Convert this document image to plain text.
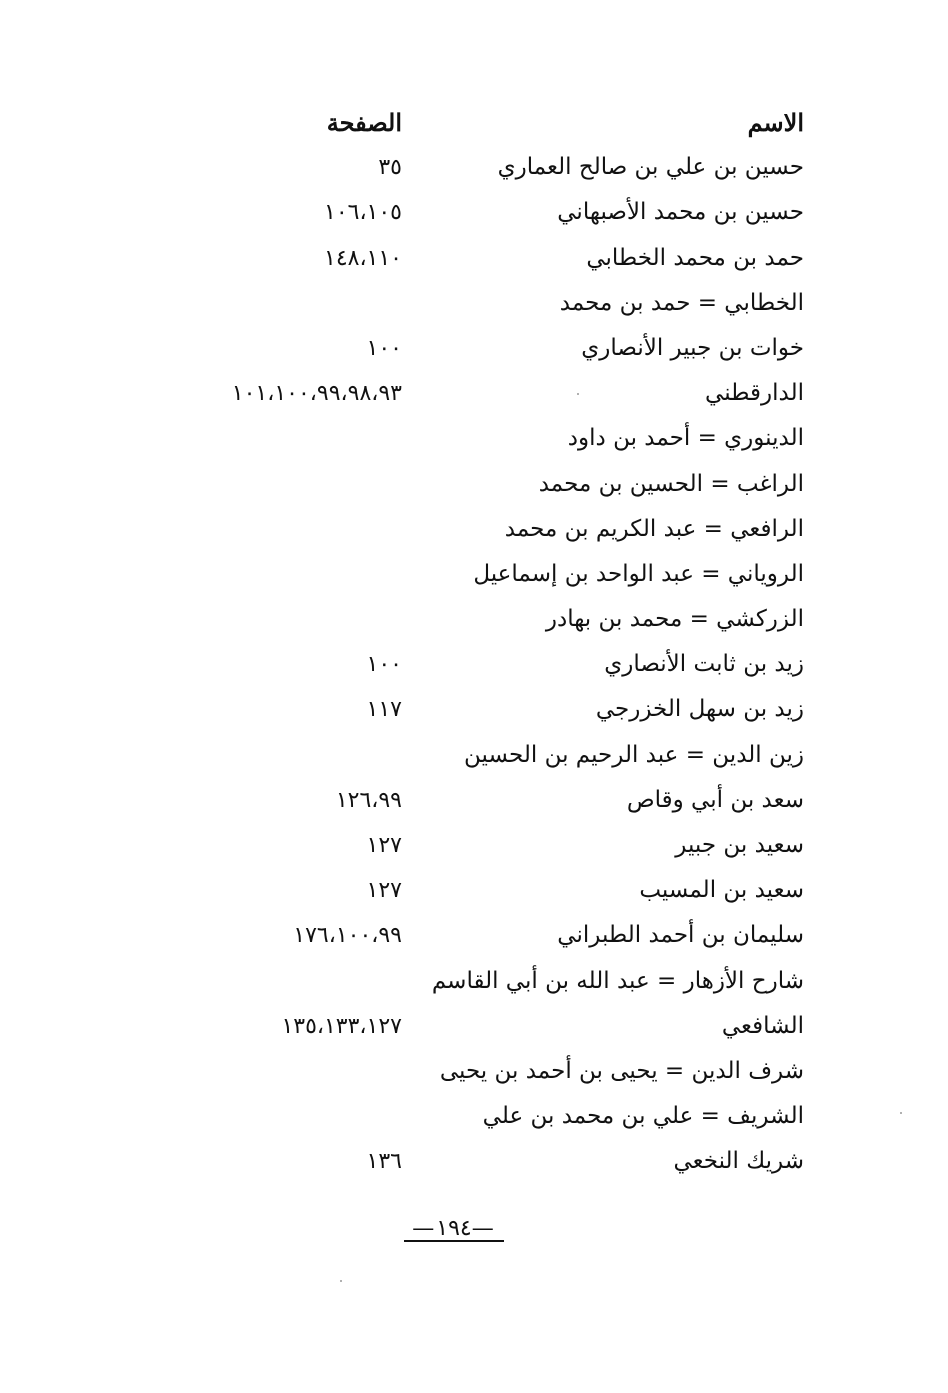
الاسم
الصفحة
حسين بن علي بن صالح العماري
٣٥
حسين بن محمد الأصبهاني
١٠٦،١٠٥
حمد بن محمد الخطابي
١٤٨،١١٠
الخطابي = حمد بن محمد
خوات بن جبير الأنصاري
١٠٠
الدارقطني
١٠١،١٠٠،٩٩،٩٨،٩٣
الدينوري = أحمد بن داود
الراغب = الحسين بن محمد
الرافعي = عبد الكريم بن محمد
الروياني = عبد الواحد بن إسماعيل
الزركشي = محمد بن بهادر
زيد بن ثابت الأنصاري
١٠٠
زيد بن سهل الخزرجي
١١٧
زين الدين = عبد الرحيم بن الحسين
سعد بن أبي وقاص
١٢٦،٩٩
سعيد بن جبير
١٢٧
سعيد بن المسيب
١٢٧
سليمان بن أحمد الطبراني
١٧٦،١٠٠،٩٩
شارح الأزهار = عبد الله بن أبي القاسم
الشافعي
١٣٥،١٣٣،١٢٧
شرف الدين = يحيى بن أحمد بن يحيى
الشريف = علي بن محمد بن علي
شريك النخعي
١٣٦
—١٩٤—
